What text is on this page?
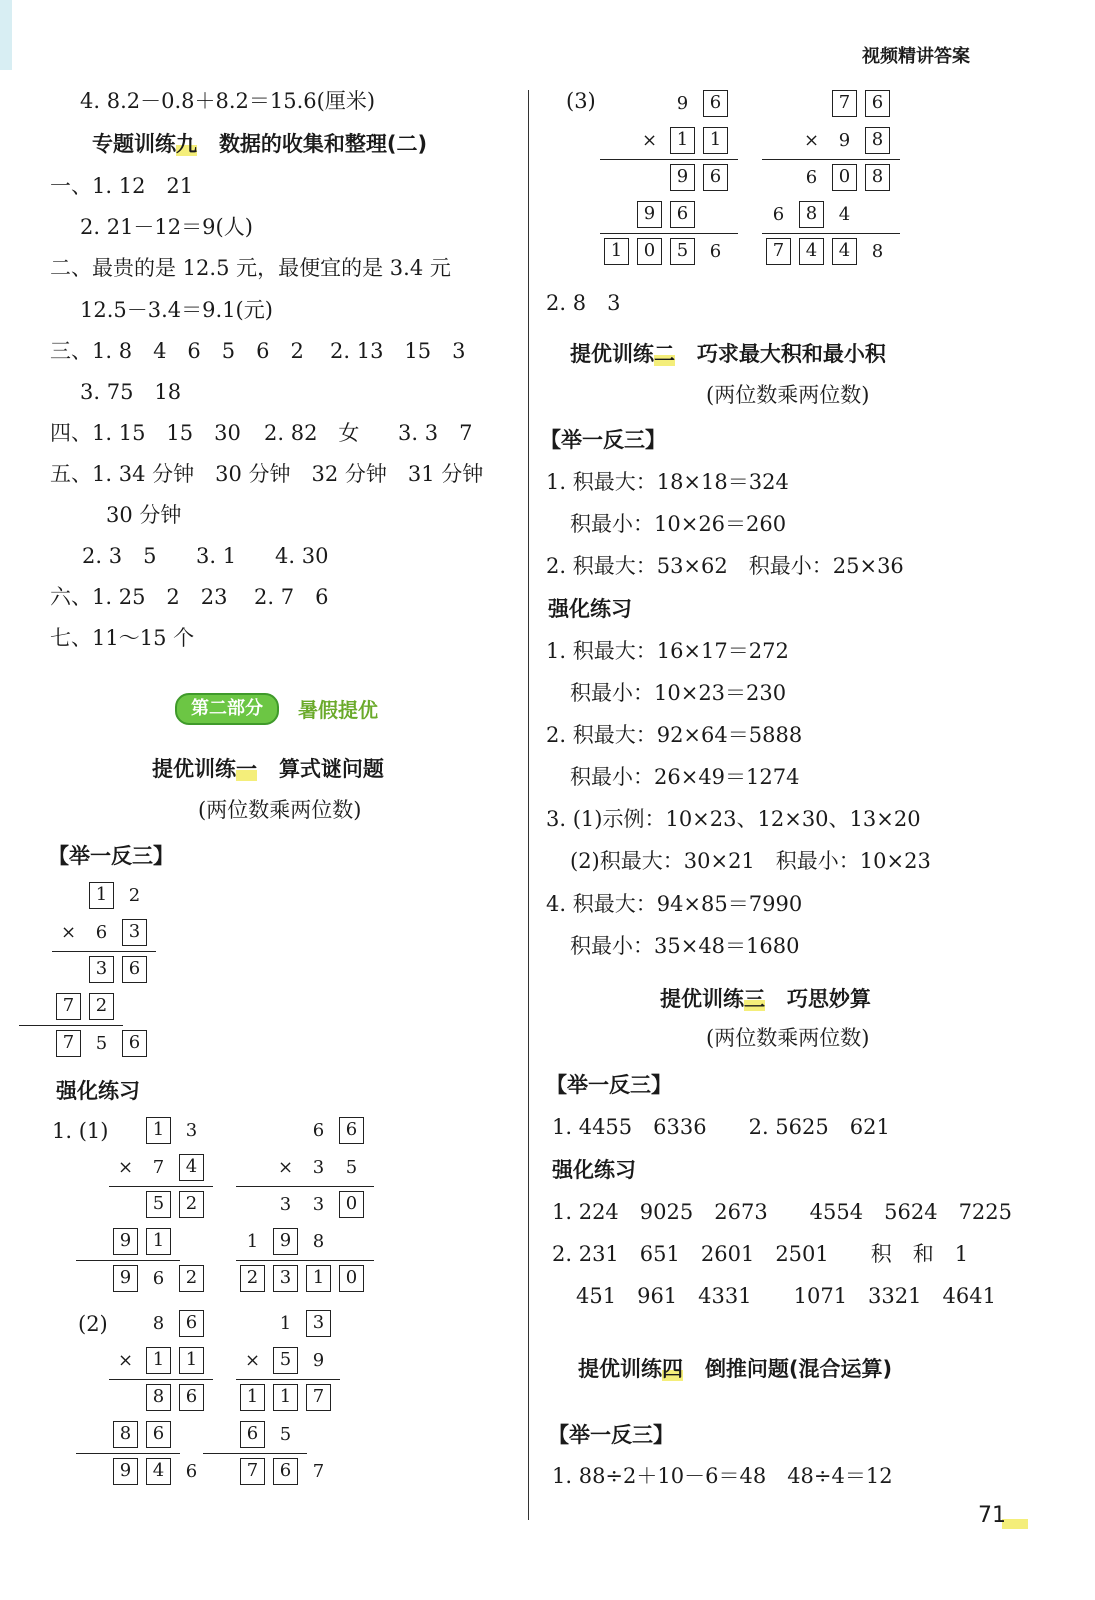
视频精讲答案
4. 8.2－0.8＋8.2＝15.6(厘米)
专题训练九 数据的收集和整理(二)
一、1. 12　21
2. 21－12＝9(人)
二、最贵的是 12.5 元，最便宜的是 3.4 元
12.5－3.4＝9.1(元)
三、1. 8　4　6　5　6　2 2. 13　15　3
3. 75　18
四、1. 15　15　30 2. 82　女 3. 3　7
五、1. 34 分钟　30 分钟　32 分钟　31 分钟
30 分钟
2. 3　5 3. 1 4. 30
六、1. 25　2　23 2. 7　6
七、11～15 个
第二部分	暑假提优
提优训练一 算式谜问题
(两位数乘两位数)
【举一反三】
1	2
×	6	3
3	6
7	2
7	5	6
强化练习
1. (1)	1	3
×	7	4
5	2
9	1
9	6	2
6	6
×	3	5
3	3	0
1	9	8
2	3	1	0
(2)	8	6
×	1	1
8	6
8	6
9	4	6
1	3
×	5	9
1	1	7
6	5
7	6	7
(3)	9	6
×	1	1
9	6
9	6
1	0	5	6
7	6
×	9	8
6	0	8
6	8	4
7	4	4	8
2. 8　3
提优训练二 巧求最大积和最小积
(两位数乘两位数)
【举一反三】
1. 积最大：18×18＝324
积最小：10×26＝260
2. 积最大：53×62　积最小：25×36
强化练习
1. 积最大：16×17＝272
积最小：10×23＝230
2. 积最大：92×64＝5888
积最小：26×49＝1274
3. (1)示例：10×23、12×30、13×20
(2)积最大：30×21　积最小：10×23
4. 积最大：94×85＝7990
积最小：35×48＝1680
提优训练三 巧思妙算
(两位数乘两位数)
【举一反三】
1. 4455　6336　　2. 5625　621
强化练习
1. 224　9025　2673　　4554　5624　7225
2. 231　651　2601　2501　　积　和　1
451　961　4331　　1071　3321　4641
提优训练四 倒推问题(混合运算)
【举一反三】
1. 88÷2＋10－6＝48　48÷4＝12
71
